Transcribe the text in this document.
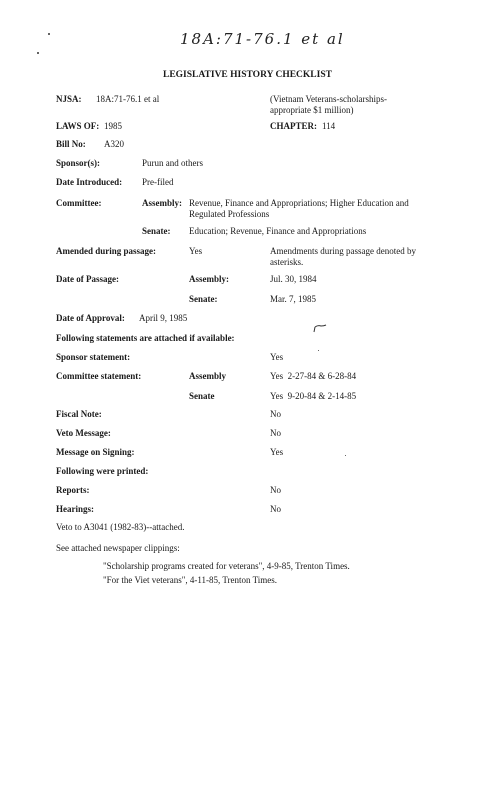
18A:71-76.1 et al
LEGISLATIVE HISTORY CHECKLIST
NJSA: 18A:71-76.1 et al	(Vietnam Veterans-scholarships-appropriate $1 million)
LAWS OF: 1985	CHAPTER: 114
Bill No: A320
Sponsor(s):	Purun and others
Date Introduced: Pre-filed
Committee:	Assembly: Revenue, Finance and Appropriations; Higher Education and Regulated Professions
Senate: Education; Revenue, Finance and Appropriations
Amended during passage:	Yes	Amendments during passage denoted by asterisks.
Date of Passage:	Assembly:	Jul. 30, 1984
Senate:	Mar. 7, 1985
Date of Approval: April 9, 1985
Following statements are attached if available:
Sponsor statement:	Yes
Committee statement:	Assembly	Yes  2-27-84 & 6-28-84
Senate	Yes  9-20-84 & 2-14-85
Fiscal Note:	No
Veto Message:	No
Message on Signing:	Yes
Following were printed:
Reports:	No
Hearings:	No
Veto to A3041 (1982-83)--attached.
See attached newspaper clippings:
"Scholarship programs created for veterans", 4-9-85, Trenton Times.
"For the Viet veterans", 4-11-85, Trenton Times.
